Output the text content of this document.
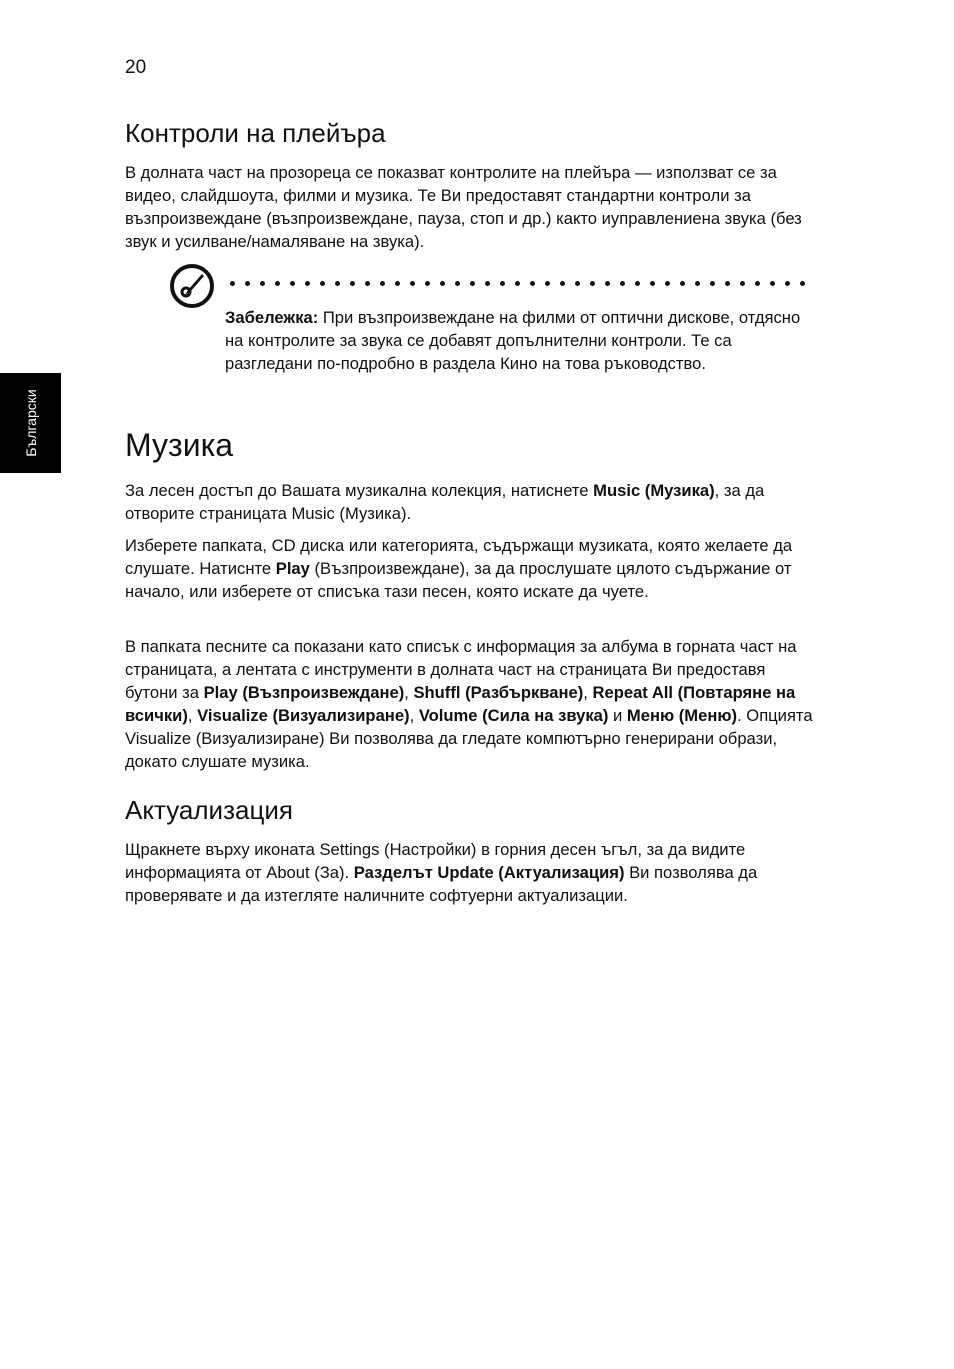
20
Български
Контроли на плейъра

В долната част на прозореца се показват контролите на плейъра — използват се за видео, слайдшоута, филми и музика. Те Ви предоставят стандартни контроли за възпроизвеждане (възпроизвеждане, пауза, стоп и др.) както иуправлениена звука (без звук и усилване/намаляване на звука).

Забележка: При възпроизвеждане на филми от оптични дискове, отдясно на контролите за звука се добавят допълнителни контроли. Те са разгледани по-подробно в раздела Кино на това ръководство.

Музика

За лесен достъп до Вашата музикална колекция, натиснете Music (Музика), за да отворите страницата Music (Музика).

Изберете папката, CD диска или категорията, съдържащи музиката, която желаете да слушате. Натиснте Play (Възпроизвеждане), за да прослушате цялото съдържание от начало, или изберете от списъка тази песен, която искате да чуете.

В папката песните са показани като списък с информация за албума в горната част на страницата, а лентата с инструменти в долната част на страницата Ви предоставя бутони за Play (Възпроизвеждане), Shuffl (Разбъркване), Repeat All (Повтаряне на всички), Visualize (Визуализиране), Volume (Сила на звука) и Меню (Меню). Опцията Visualize (Визуализиране) Ви позволява да гледате компютърно генерирани образи, докато слушате музика.

Актуализация

Щракнете върху иконата Settings (Настройки) в горния десен ъгъл, за да видите информацията от About (За). Разделът Update (Актуализация) Ви позволява да проверявате и да изтегляте наличните софтуерни актуализации.
